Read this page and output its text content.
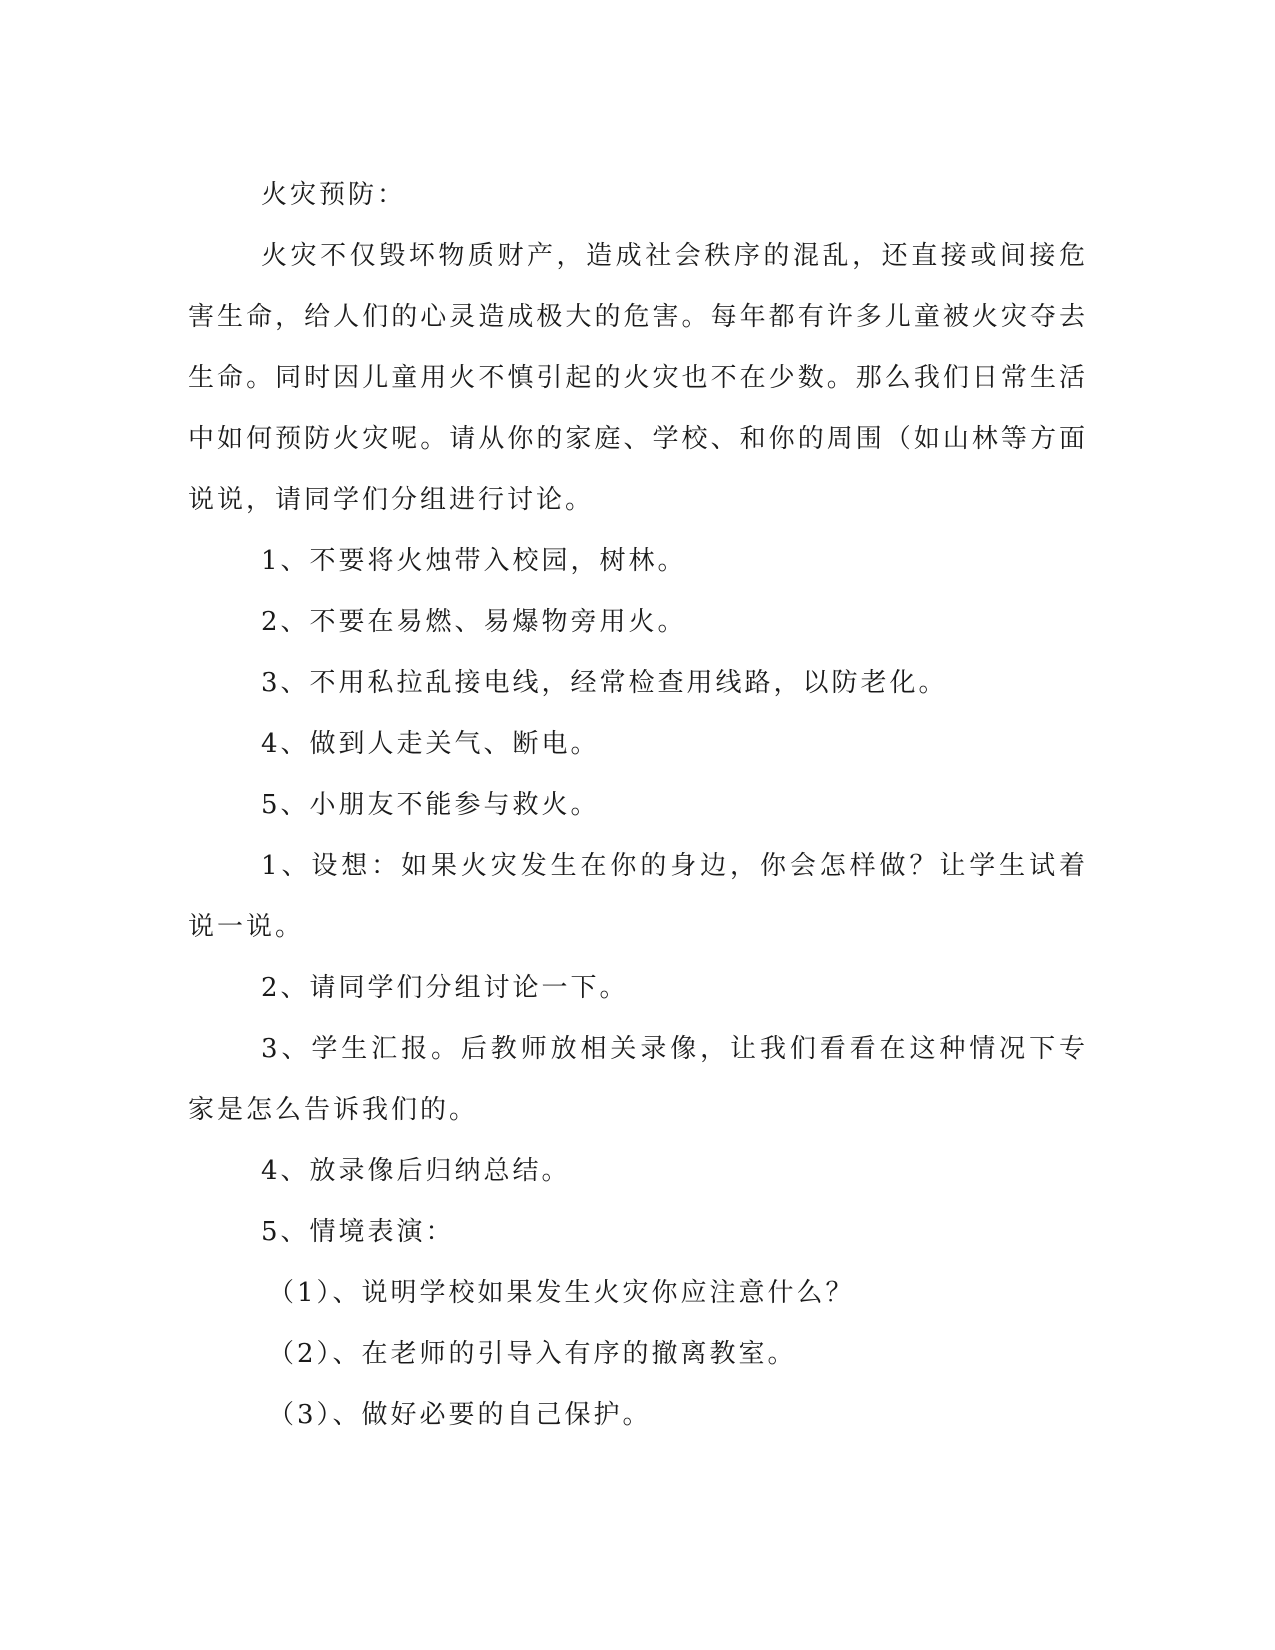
火灾预防：

火灾不仅毁坏物质财产，造成社会秩序的混乱，还直接或间接危害生命，给人们的心灵造成极大的危害。每年都有许多儿童被火灾夺去生命。同时因儿童用火不慎引起的火灾也不在少数。那么我们日常生活中如何预防火灾呢。请从你的家庭、学校、和你的周围（如山林等方面说说，请同学们分组进行讨论。

1、不要将火烛带入校园，树林。

2、不要在易燃、易爆物旁用火。

3、不用私拉乱接电线，经常检查用线路，以防老化。

4、做到人走关气、断电。

5、小朋友不能参与救火。

1、设想：如果火灾发生在你的身边，你会怎样做？让学生试着说一说。

2、请同学们分组讨论一下。

3、学生汇报。后教师放相关录像，让我们看看在这种情况下专家是怎么告诉我们的。

4、放录像后归纳总结。

5、情境表演：

（1）、说明学校如果发生火灾你应注意什么？

（2）、在老师的引导入有序的撤离教室。

（3）、做好必要的自己保护。
